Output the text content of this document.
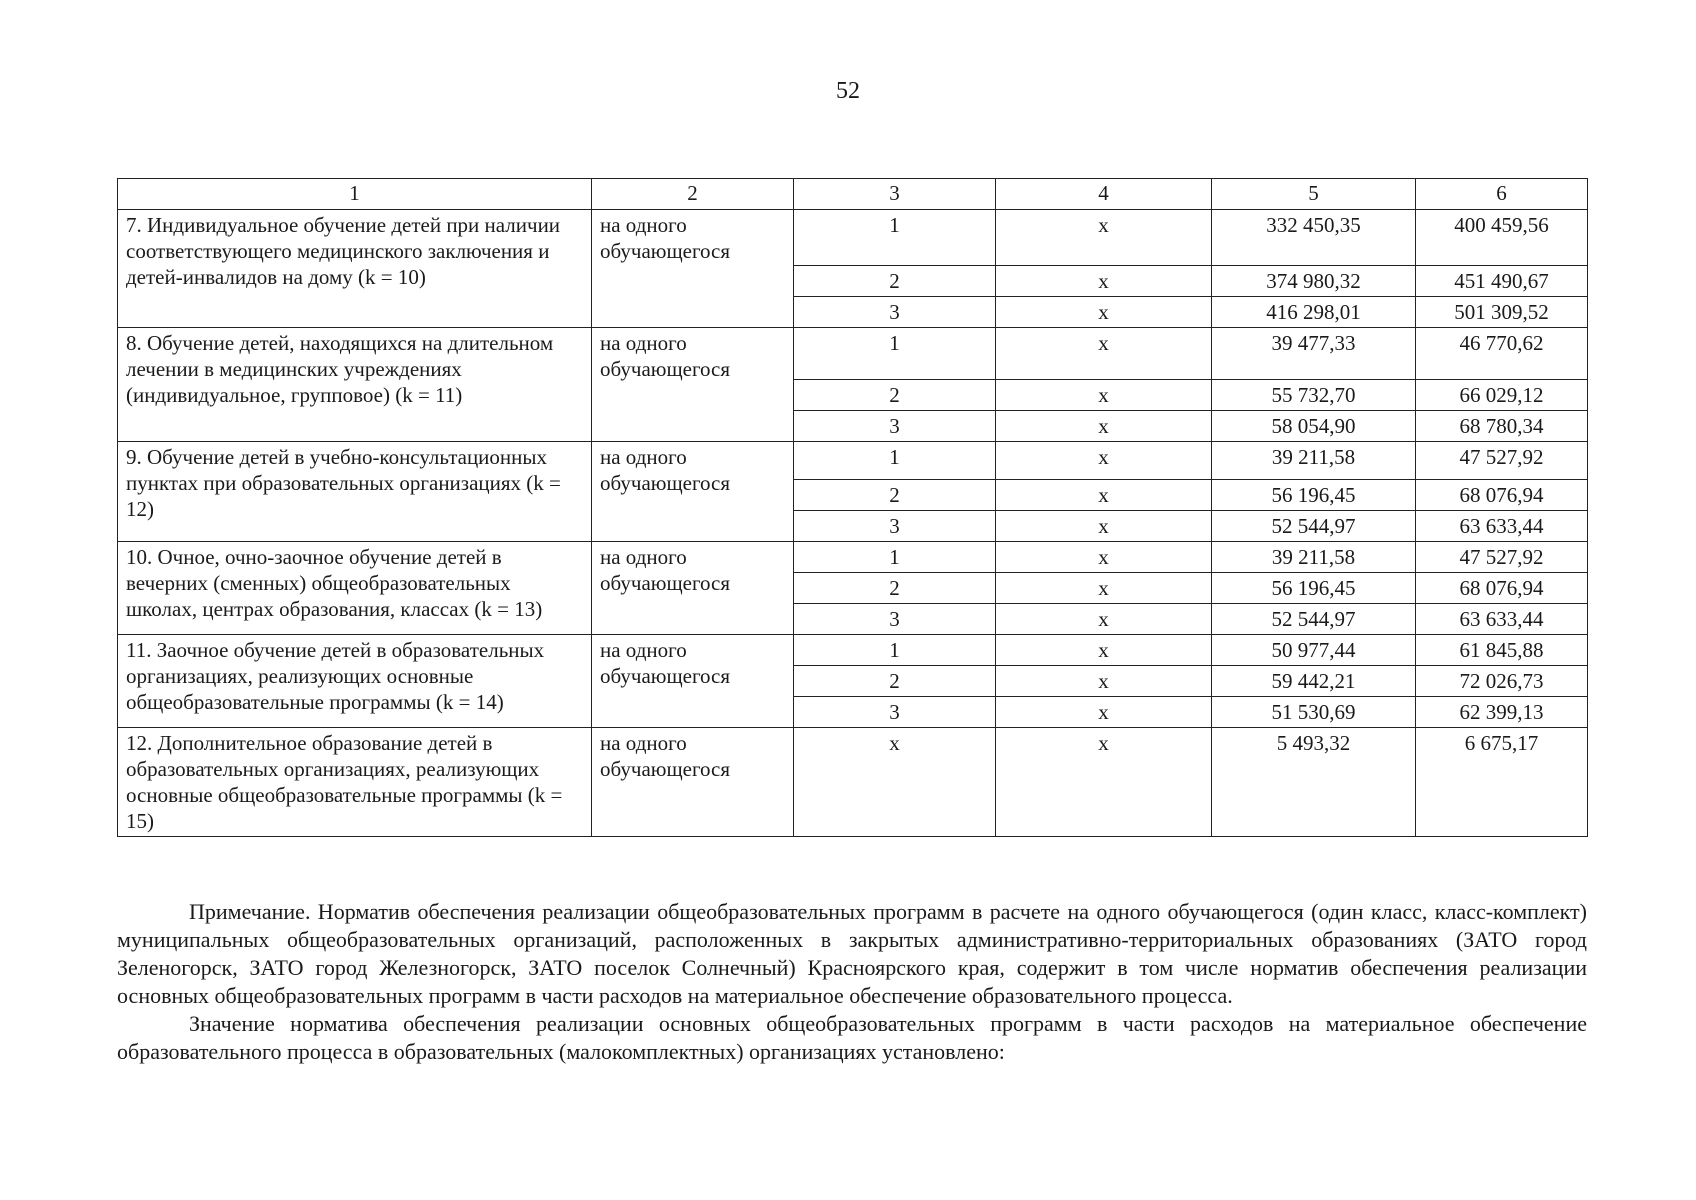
52
1	2	3	4	5	6
7. Индивидуальное обучение детей при наличии соответствующего медицинского заключения и детей-инвалидов на дому (k = 10)	на одного обучающегося	1	х	332 450,35	400 459,56
		2	х	374 980,32	451 490,67
		3	х	416 298,01	501 309,52
8. Обучение детей, находящихся на длительном лечении в медицинских учреждениях (индивидуальное, групповое) (k = 11)	на одного обучающегося	1	х	39 477,33	46 770,62
		2	х	55 732,70	66 029,12
		3	х	58 054,90	68 780,34
9. Обучение детей в учебно-консультационных пунктах при образовательных организациях (k = 12)	на одного обучающегося	1	х	39 211,58	47 527,92
		2	х	56 196,45	68 076,94
		3	х	52 544,97	63 633,44
10. Очное, очно-заочное обучение детей в вечерних (сменных) общеобразовательных школах, центрах образования, классах (k = 13)	на одного обучающегося	1	х	39 211,58	47 527,92
		2	х	56 196,45	68 076,94
		3	х	52 544,97	63 633,44
11. Заочное обучение детей в образовательных организациях, реализующих основные общеобразовательные программы (k = 14)	на одного обучающегося	1	х	50 977,44	61 845,88
		2	х	59 442,21	72 026,73
		3	х	51 530,69	62 399,13
12. Дополнительное образование детей в образовательных организациях, реализующих основные общеобразовательные программы (k = 15)	на одного обучающегося	х	х	5 493,32	6 675,17

Примечание. Норматив обеспечения реализации общеобразовательных программ в расчете на одного обучающегося (один класс, класс-комплект) муниципальных общеобразовательных организаций, расположенных в закрытых административно-территориальных образованиях (ЗАТО город Зеленогорск, ЗАТО город Железногорск, ЗАТО поселок Солнечный) Красноярского края, содержит в том числе норматив обеспечения реализации основных общеобразовательных программ в части расходов на материальное обеспечение образовательного процесса.

Значение норматива обеспечения реализации основных общеобразовательных программ в части расходов на материальное обеспечение образовательного процесса в образовательных (малокомплектных) организациях установлено:
